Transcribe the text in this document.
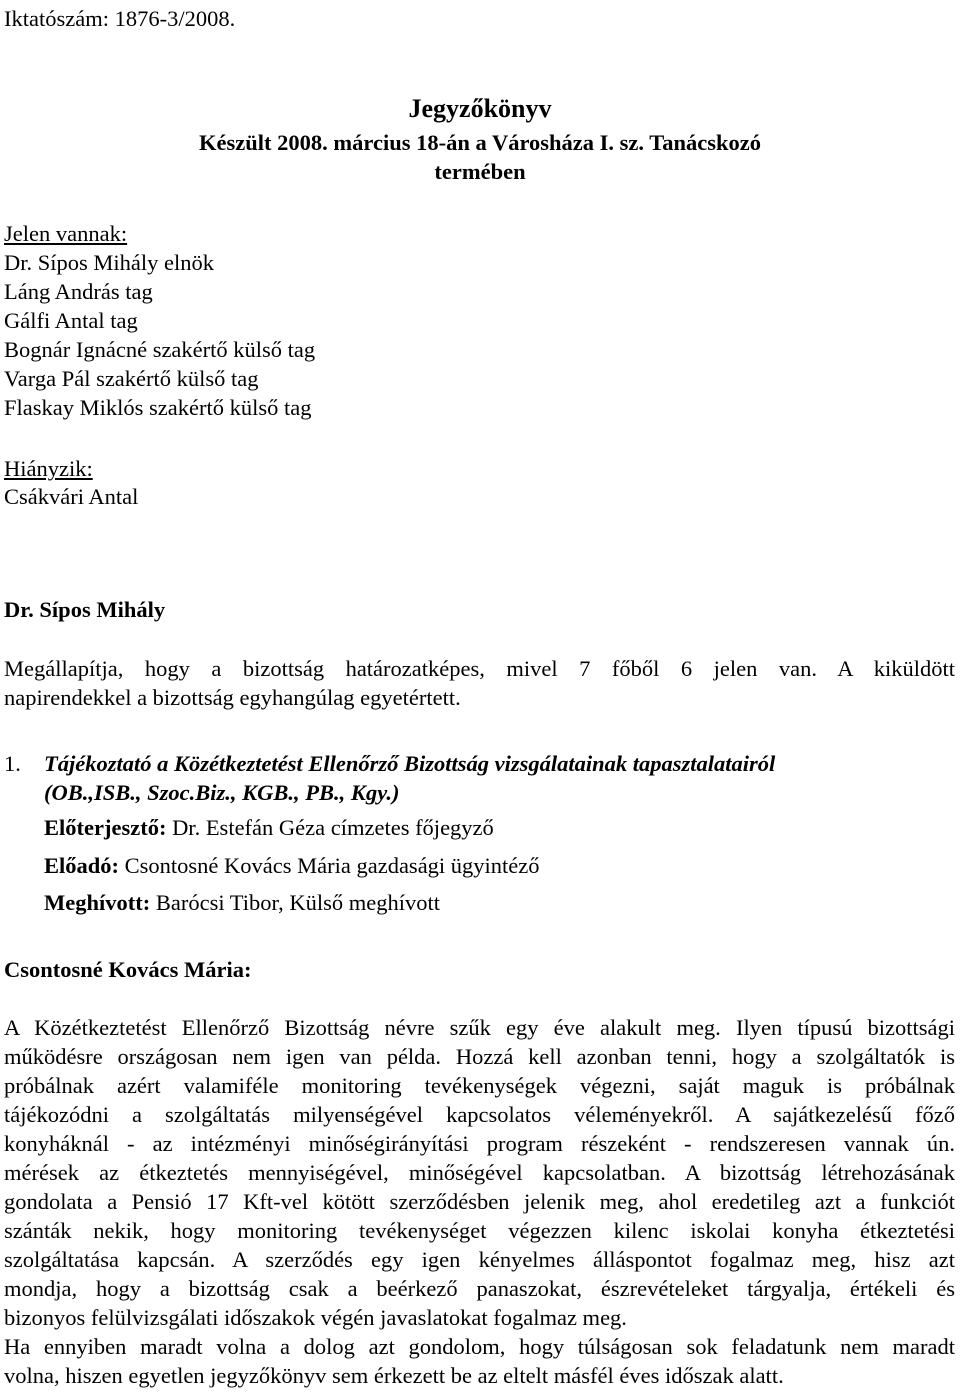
Iktatószám: 1876-3/2008.
Jegyzőkönyv
Készült 2008. március 18-án a Városháza I. sz. Tanácskozó
termében
Jelen vannak:
Dr. Sípos Mihály elnök
Láng András tag
Gálfi Antal tag
Bognár Ignácné szakértő külső tag
Varga Pál szakértő külső tag
Flaskay Miklós szakértő külső tag
Hiányzik:
Csákvári Antal
Dr. Sípos Mihály
Megállapítja, hogy a bizottság határozatképes, mivel 7 főből 6 jelen van. A kiküldött
napirendekkel a bizottság egyhangúlag egyetértett.
1. Tájékoztató a Közétkeztetést Ellenőrző Bizottság vizsgálatainak tapasztalatairól
(OB.,ISB., Szoc.Biz., KGB., PB., Kgy.)
Előterjesztő: Dr. Estefán Géza címzetes főjegyző
Előadó: Csontosné Kovács Mária gazdasági ügyintéző
Meghívott: Barócsi Tibor, Külső meghívott
Csontosné Kovács Mária:
A Közétkeztetést Ellenőrző Bizottság névre szűk egy éve alakult meg. Ilyen típusú bizottsági
működésre országosan nem igen van példa. Hozzá kell azonban tenni, hogy a szolgáltatók is
próbálnak azért valamiféle monitoring tevékenységek végezni, saját maguk is próbálnak
tájékozódni a szolgáltatás milyenségével kapcsolatos véleményekről. A sajátkezelésű főző
konyháknál - az intézményi minőségirányítási program részeként - rendszeresen vannak ún.
mérések az étkeztetés mennyiségével, minőségével kapcsolatban. A bizottság létrehozásának
gondolata a Pensió 17 Kft-vel kötött szerződésben jelenik meg, ahol eredetileg azt a funkciót
szánták nekik, hogy monitoring tevékenységet végezzen kilenc iskolai konyha étkeztetési
szolgáltatása kapcsán. A szerződés egy igen kényelmes álláspontot fogalmaz meg, hisz azt
mondja, hogy a bizottság csak a beérkező panaszokat, észrevételeket tárgyalja, értékeli és
bizonyos felülvizsgálati időszakok végén javaslatokat fogalmaz meg.
Ha ennyiben maradt volna a dolog azt gondolom, hogy túlságosan sok feladatunk nem maradt
volna, hiszen egyetlen jegyzőkönyv sem érkezett be az eltelt másfél éves időszak alatt.
